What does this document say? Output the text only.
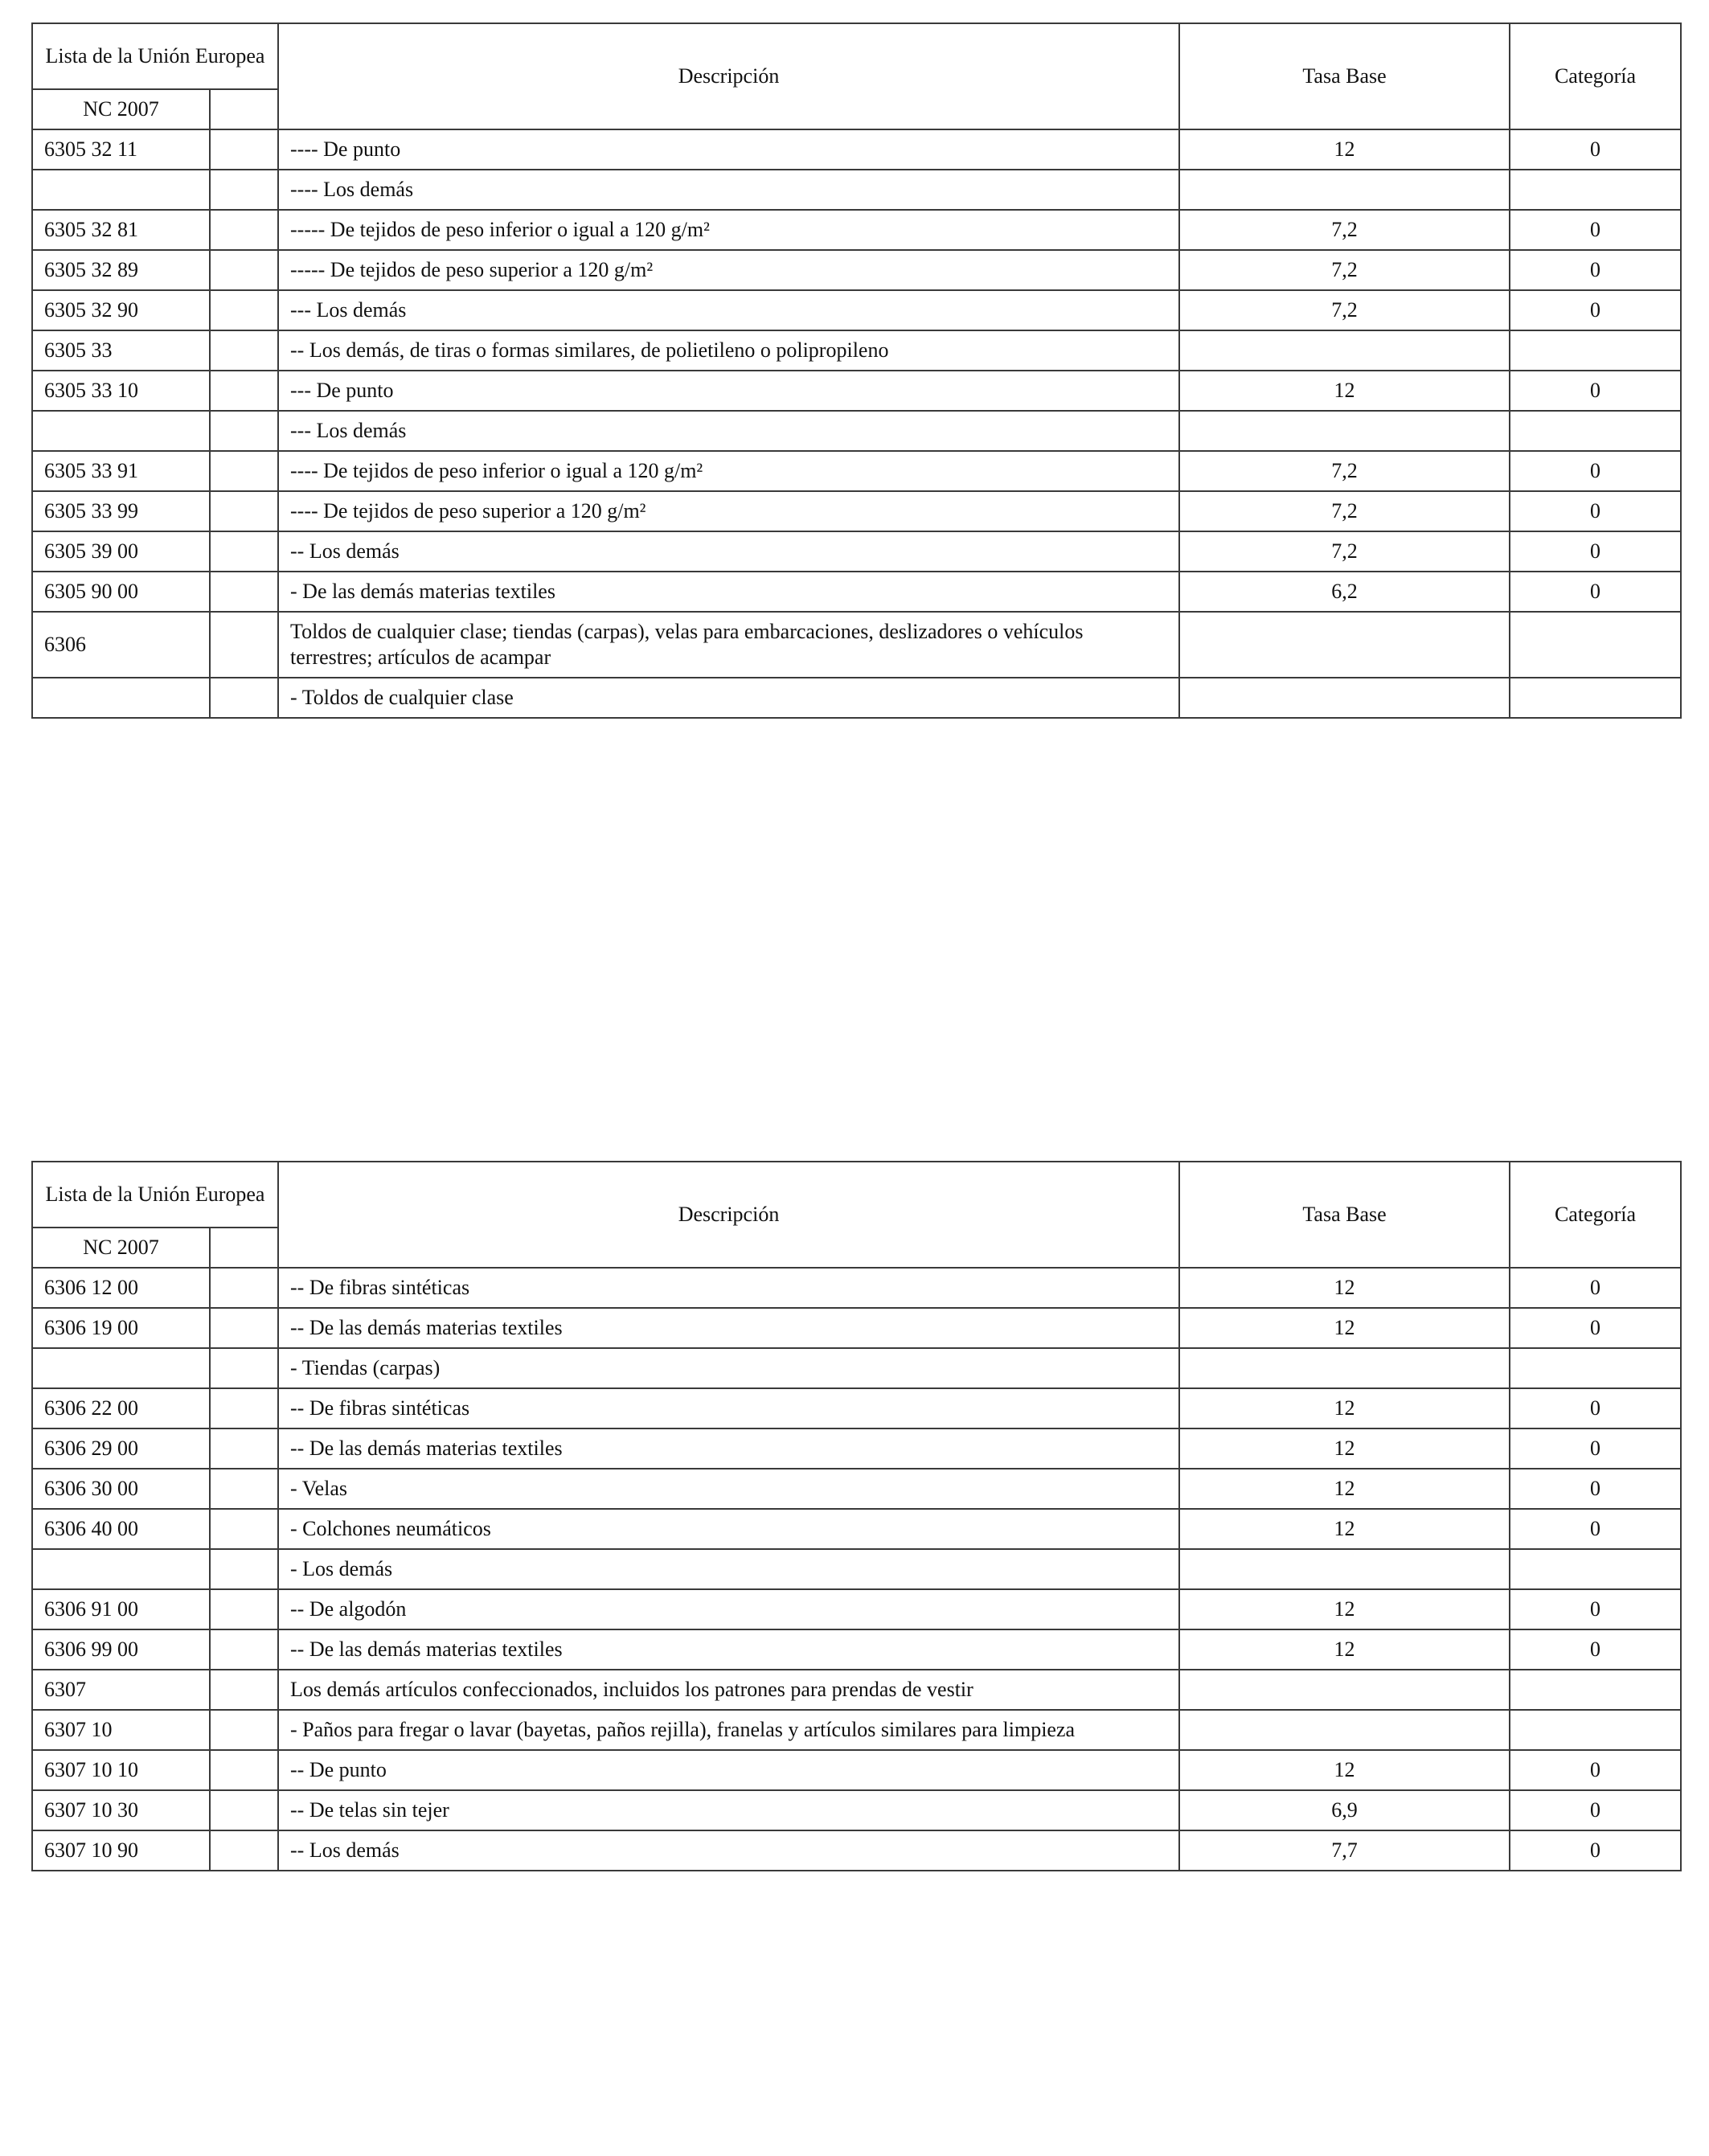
Lista de la Unión Europea		Descripción	Tasa Base	Categoría
NC 2007				
6305 32 11		---- De punto	12	0
		---- Los demás		
6305 32 81		----- De tejidos de peso inferior o igual a 120 g/m²	7,2	0
6305 32 89		----- De tejidos de peso superior a 120 g/m²	7,2	0
6305 32 90		--- Los demás	7,2	0
6305 33		-- Los demás, de tiras o formas similares, de polietileno o polipropileno		
6305 33 10		--- De punto	12	0
		--- Los demás		
6305 33 91		---- De tejidos de peso inferior o igual a 120 g/m²	7,2	0
6305 33 99		---- De tejidos de peso superior a 120 g/m²	7,2	0
6305 39 00		-- Los demás	7,2	0
6305 90 00		- De las demás materias textiles	6,2	0
6306		Toldos de cualquier clase; tiendas (carpas), velas para embarcaciones, deslizadores o vehículos terrestres; artículos de acampar		
		- Toldos de cualquier clase		
Lista de la Unión Europea		Descripción	Tasa Base	Categoría
NC 2007				
6306 12 00		-- De fibras sintéticas	12	0
6306 19 00		-- De las demás materias textiles	12	0
		- Tiendas (carpas)		
6306 22 00		-- De fibras sintéticas	12	0
6306 29 00		-- De las demás materias textiles	12	0
6306 30 00		- Velas	12	0
6306 40 00		- Colchones neumáticos	12	0
		- Los demás		
6306 91 00		-- De algodón	12	0
6306 99 00		-- De las demás materias textiles	12	0
6307		Los demás artículos confeccionados, incluidos los patrones para prendas de vestir		
6307 10		- Paños para fregar o lavar (bayetas, paños rejilla), franelas y artículos similares para limpieza		
6307 10 10		-- De punto	12	0
6307 10 30		-- De telas sin tejer	6,9	0
6307 10 90		-- Los demás	7,7	0
